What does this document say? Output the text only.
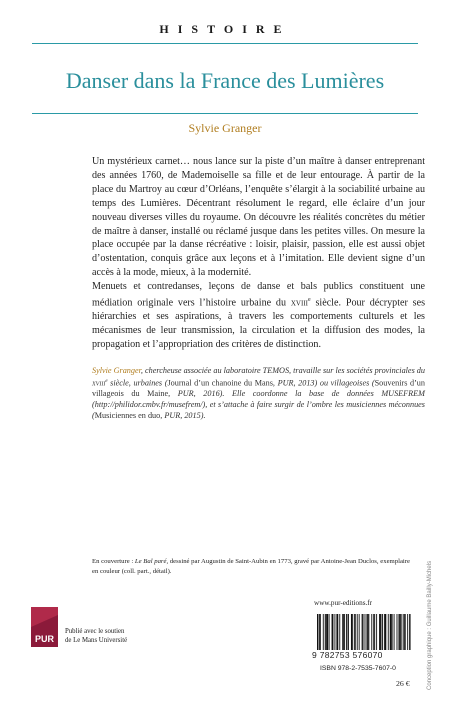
HISTOIRE
Danser dans la France des Lumières
Sylvie Granger

Un mystérieux carnet… nous lance sur la piste d’un maître à danser entreprenant des années 1760, de Mademoiselle sa fille et de leur entourage. À partir de la place du Martroy au cœur d’Orléans, l’enquête s’élargit à la sociabilité urbaine au temps des Lumières. Décentrant résolument le regard, elle éclaire d’un jour nouveau diverses villes du royaume. On découvre les réalités concrètes du métier de maître à danser, installé ou réclamé jusque dans les petites villes. On mesure la place occupée par la danse récréative : loisir, plaisir, passion, elle est aussi objet d’ostentation, conquis grâce aux leçons et à l’imitation. Elle devient signe d’un accès à la mode, mieux, à la modernité.

Menuets et contredanses, leçons de danse et bals publics constituent une médiation originale vers l’histoire urbaine du xviii$^e$ siècle. Pour décrypter ses hiérarchies et ses aspirations, à travers les comportements culturels et les mécanismes de leur transmission, la circulation et la diffusion des modes, la propagation et l’appropriation des critères de distinction.

Sylvie Granger, chercheuse associée au laboratoire TEMOS, travaille sur les sociétés provinciales du xviii$^e$ siècle, urbaines (Journal d’un chanoine du Mans, PUR, 2013) ou villageoises (Souvenirs d’un villageois du Maine, PUR, 2016). Elle coordonne la base de données MUSEFREM (http://philidor.cmbv.fr/musefrem/), et s’attache à faire surgir de l’ombre les musiciennes méconnues (Musiciennes en duo, PUR, 2015).
En couverture : Le Bal paré, dessiné par Augustin de Saint-Aubin en 1773, gravé par Antoine-Jean Duclos, exemplaire en couleur (coll. part., détail).	Conception graphique : Guillaume Bailly-Michels
www.pur-editions.fr
PUR
Publié avec le soutien
de Le Mans Université
9 782753 576070
ISBN 978-2-7535-7607-0
26 €
